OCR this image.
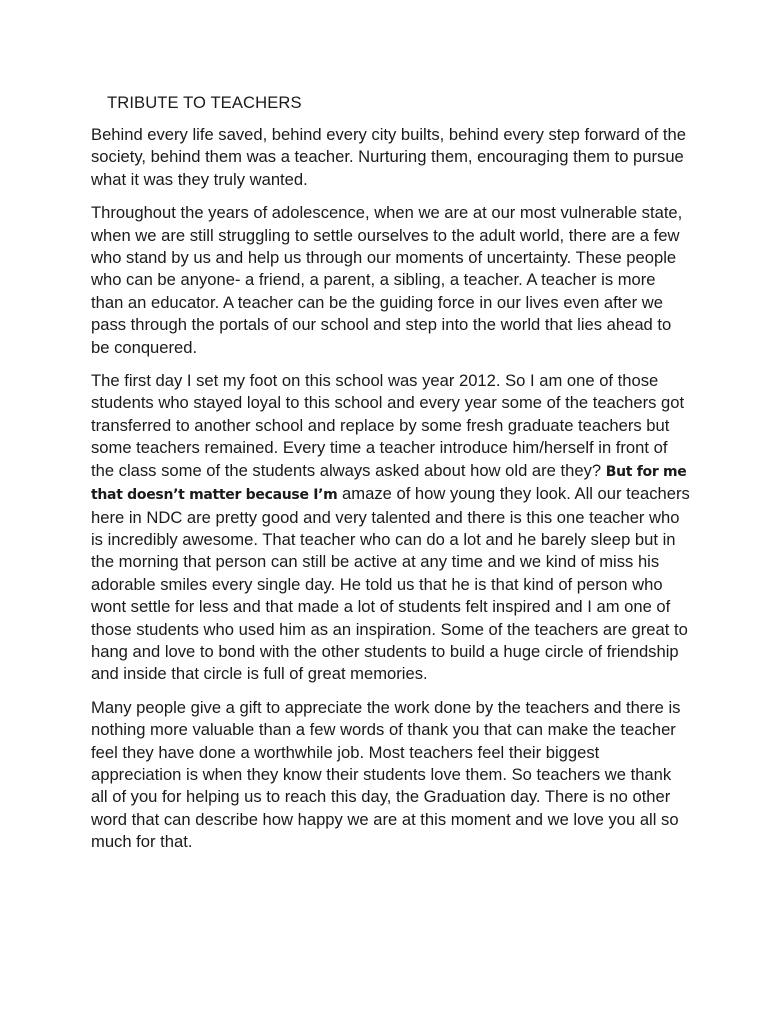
TRIBUTE TO TEACHERS

Behind every life saved, behind every city builts, behind every step forward of the society, behind them was a teacher. Nurturing them, encouraging them to pursue what it was they truly wanted.

Throughout the years of adolescence, when we are at our most vulnerable state, when we are still struggling to settle ourselves to the adult world, there are a few who stand by us and help us through our moments of uncertainty. These people who can be anyone- a friend, a parent, a sibling, a teacher. A teacher is more than an educator. A teacher can be the guiding force in our lives even after we pass through the portals of our school and step into the world that lies ahead to be conquered.

The first day I set my foot on this school was year 2012. So I am one of those students who stayed loyal to this school and every year some of the teachers got transferred to another school and replace by some fresh graduate teachers but some teachers remained. Every time a teacher introduce him/herself in front of the class some of the students always asked about how old are they? But for me that doesn’t matter because I’m amaze of how young they look. All our teachers here in NDC are pretty good and very talented and there is this one teacher who is incredibly awesome. That teacher who can do a lot and he barely sleep but in the morning that person can still be active at any time and we kind of miss his adorable smiles every single day. He told us that he is that kind of person who wont settle for less and that made a lot of students felt inspired and I am one of those students who used him as an inspiration. Some of the teachers are great to hang and love to bond with the other students to build a huge circle of friendship and inside that circle is full of great memories.

Many people give a gift to appreciate the work done by the teachers and there is nothing more valuable than a few words of thank you that can make the teacher feel they have done a worthwhile job. Most teachers feel their biggest appreciation is when they know their students love them. So teachers we thank all of you for helping us to reach this day, the Graduation day. There is no other word that can describe how happy we are at this moment and we love you all so much for that.
